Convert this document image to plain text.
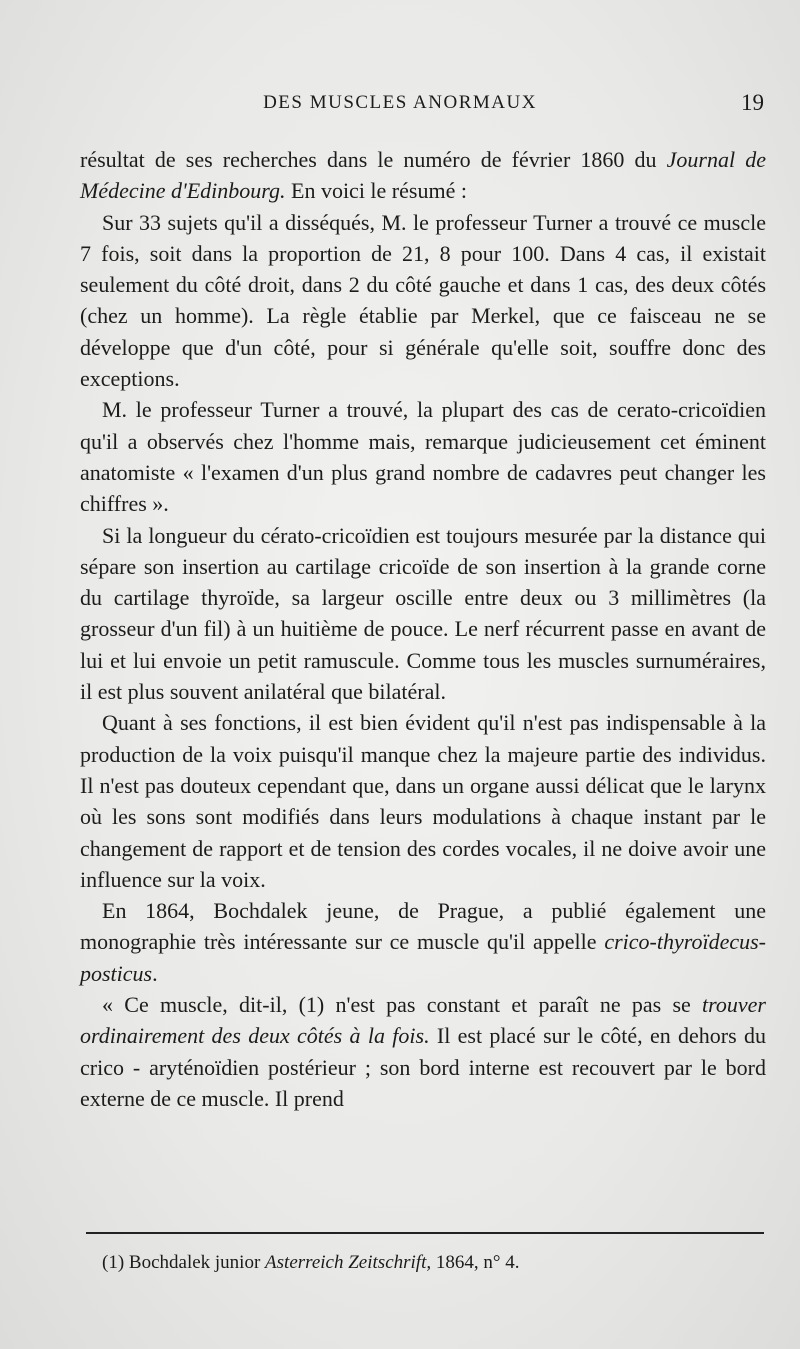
DES MUSCLES ANORMAUX	19

résultat de ses recherches dans le numéro de février 1860 du Journal de Médecine d'Edinbourg. En voici le résumé :

Sur 33 sujets qu'il a disséqués, M. le professeur Turner a trouvé ce muscle 7 fois, soit dans la proportion de 21, 8 pour 100. Dans 4 cas, il existait seulement du côté droit, dans 2 du côté gauche et dans 1 cas, des deux côtés (chez un homme). La règle établie par Merkel, que ce faisceau ne se développe que d'un côté, pour si générale qu'elle soit, souffre donc des exceptions.

M. le professeur Turner a trouvé, la plupart des cas de cerato-cricoïdien qu'il a observés chez l'homme mais, remarque judicieusement cet éminent anatomiste « l'examen d'un plus grand nombre de cadavres peut changer les chiffres ».

Si la longueur du cérato-cricoïdien est toujours mesurée par la distance qui sépare son insertion au cartilage cricoïde de son insertion à la grande corne du cartilage thyroïde, sa largeur oscille entre deux ou 3 millimètres (la grosseur d'un fil) à un huitième de pouce. Le nerf récurrent passe en avant de lui et lui envoie un petit ramuscule. Comme tous les muscles surnuméraires, il est plus souvent anilatéral que bilatéral.

Quant à ses fonctions, il est bien évident qu'il n'est pas indispensable à la production de la voix puisqu'il manque chez la majeure partie des individus. Il n'est pas douteux cependant que, dans un organe aussi délicat que le larynx où les sons sont modifiés dans leurs modulations à chaque instant par le changement de rapport et de tension des cordes vocales, il ne doive avoir une influence sur la voix.

En 1864, Bochdalek jeune, de Prague, a publié également une monographie très intéressante sur ce muscle qu'il appelle crico-thyroïdecus-posticus.

« Ce muscle, dit-il, (1) n'est pas constant et paraît ne pas se trouver ordinairement des deux côtés à la fois. Il est placé sur le côté, en dehors du crico - aryténoïdien postérieur ; son bord interne est recouvert par le bord externe de ce muscle. Il prend

(1) Bochdalek junior Asterreich Zeitschrift, 1864, n° 4.
